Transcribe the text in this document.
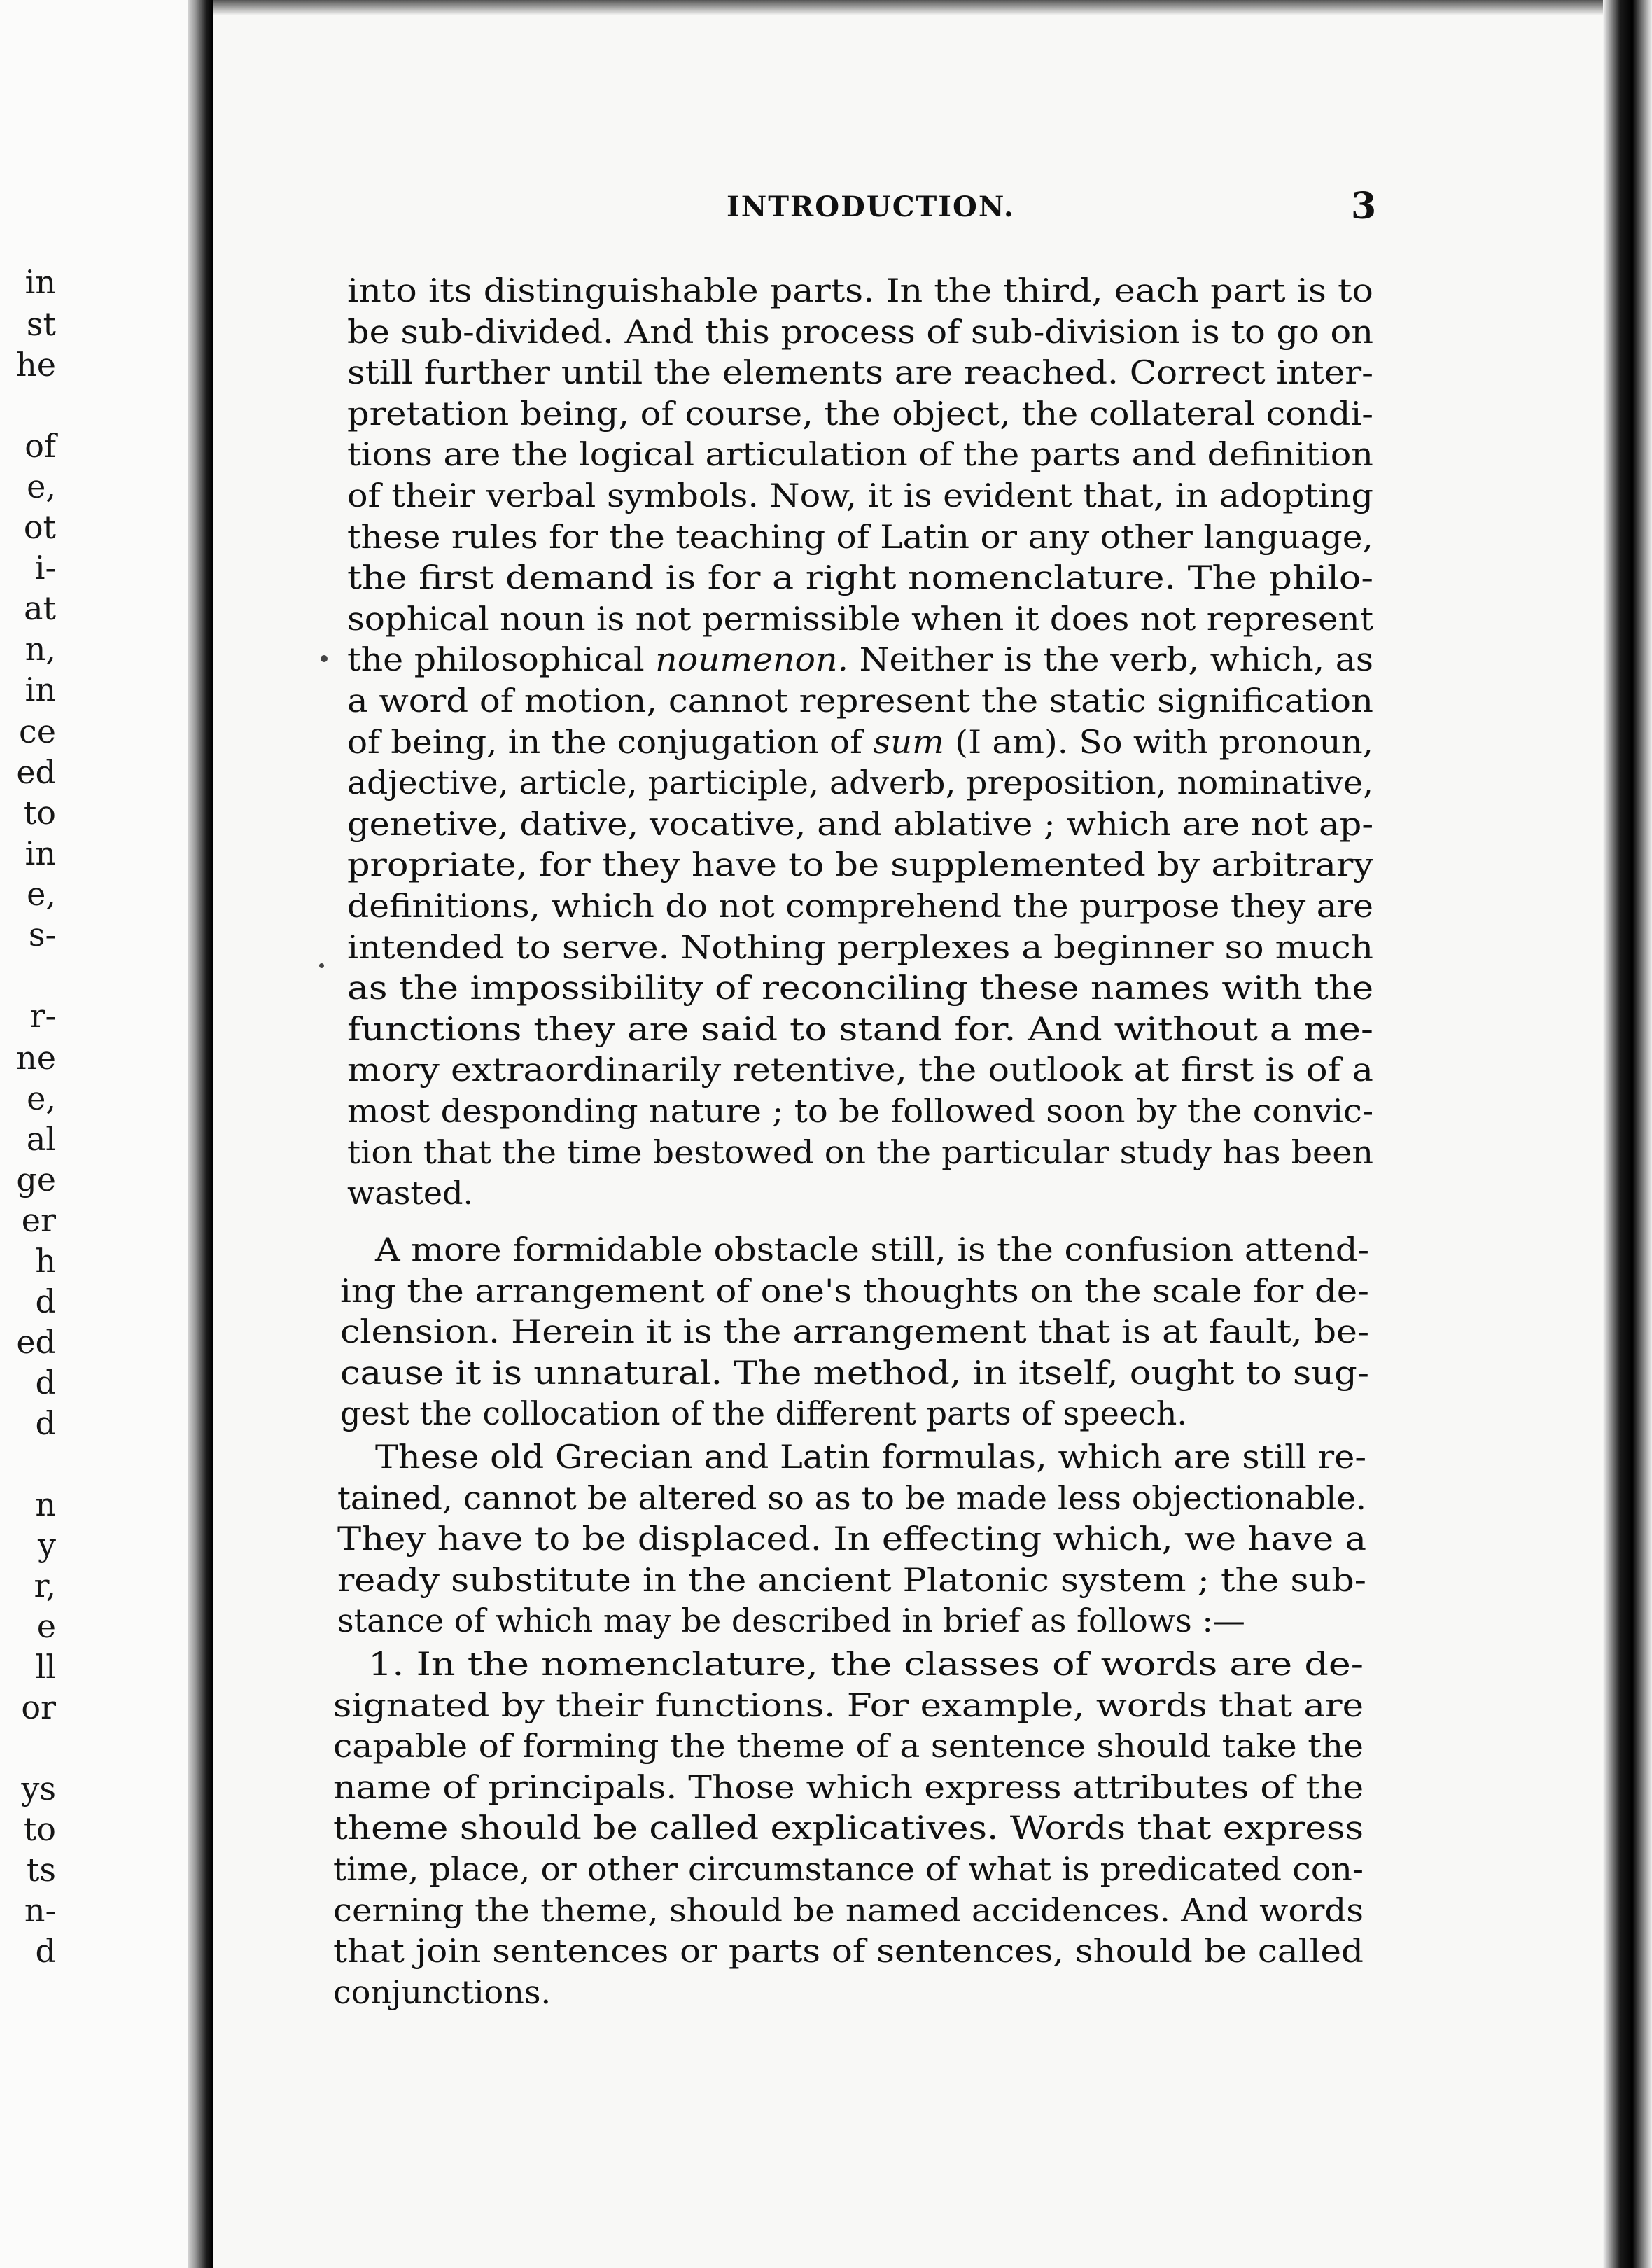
in
st
he
of
e,
ot
i-
at
n,
in
ce
ed
to
in
e,
s-
r-
ne
e,
al
ge
er
h
d
ed
d
d
n
y
r,
e
ll
or
ys
to
ts
n-
d
INTRODUCTION.	3
into its distinguishable parts. In the third, each part is to
be sub-divided. And this process of sub-division is to go on
still further until the elements are reached. Correct inter-
pretation being, of course, the object, the collateral condi-
tions are the logical articulation of the parts and definition
of their verbal symbols. Now, it is evident that, in adopting
these rules for the teaching of Latin or any other language,
the first demand is for a right nomenclature. The philo-
sophical noun is not permissible when it does not represent
the philosophical noumenon. Neither is the verb, which, as
a word of motion, cannot represent the static signification
of being, in the conjugation of sum (I am). So with pronoun,
adjective, article, participle, adverb, preposition, nominative,
genetive, dative, vocative, and ablative ; which are not ap-
propriate, for they have to be supplemented by arbitrary
definitions, which do not comprehend the purpose they are
intended to serve. Nothing perplexes a beginner so much
as the impossibility of reconciling these names with the
functions they are said to stand for. And without a me-
mory extraordinarily retentive, the outlook at first is of a
most desponding nature ; to be followed soon by the convic-
tion that the time bestowed on the particular study has been
wasted.
A more formidable obstacle still, is the confusion attend-
ing the arrangement of one's thoughts on the scale for de-
clension. Herein it is the arrangement that is at fault, be-
cause it is unnatural. The method, in itself, ought to sug-
gest the collocation of the different parts of speech.
These old Grecian and Latin formulas, which are still re-
tained, cannot be altered so as to be made less objectionable.
They have to be displaced. In effecting which, we have a
ready substitute in the ancient Platonic system ; the sub-
stance of which may be described in brief as follows :—
1. In the nomenclature, the classes of words are de-
signated by their functions. For example, words that are
capable of forming the theme of a sentence should take the
name of principals. Those which express attributes of the
theme should be called explicatives. Words that express
time, place, or other circumstance of what is predicated con-
cerning the theme, should be named accidences. And words
that join sentences or parts of sentences, should be called
conjunctions.
